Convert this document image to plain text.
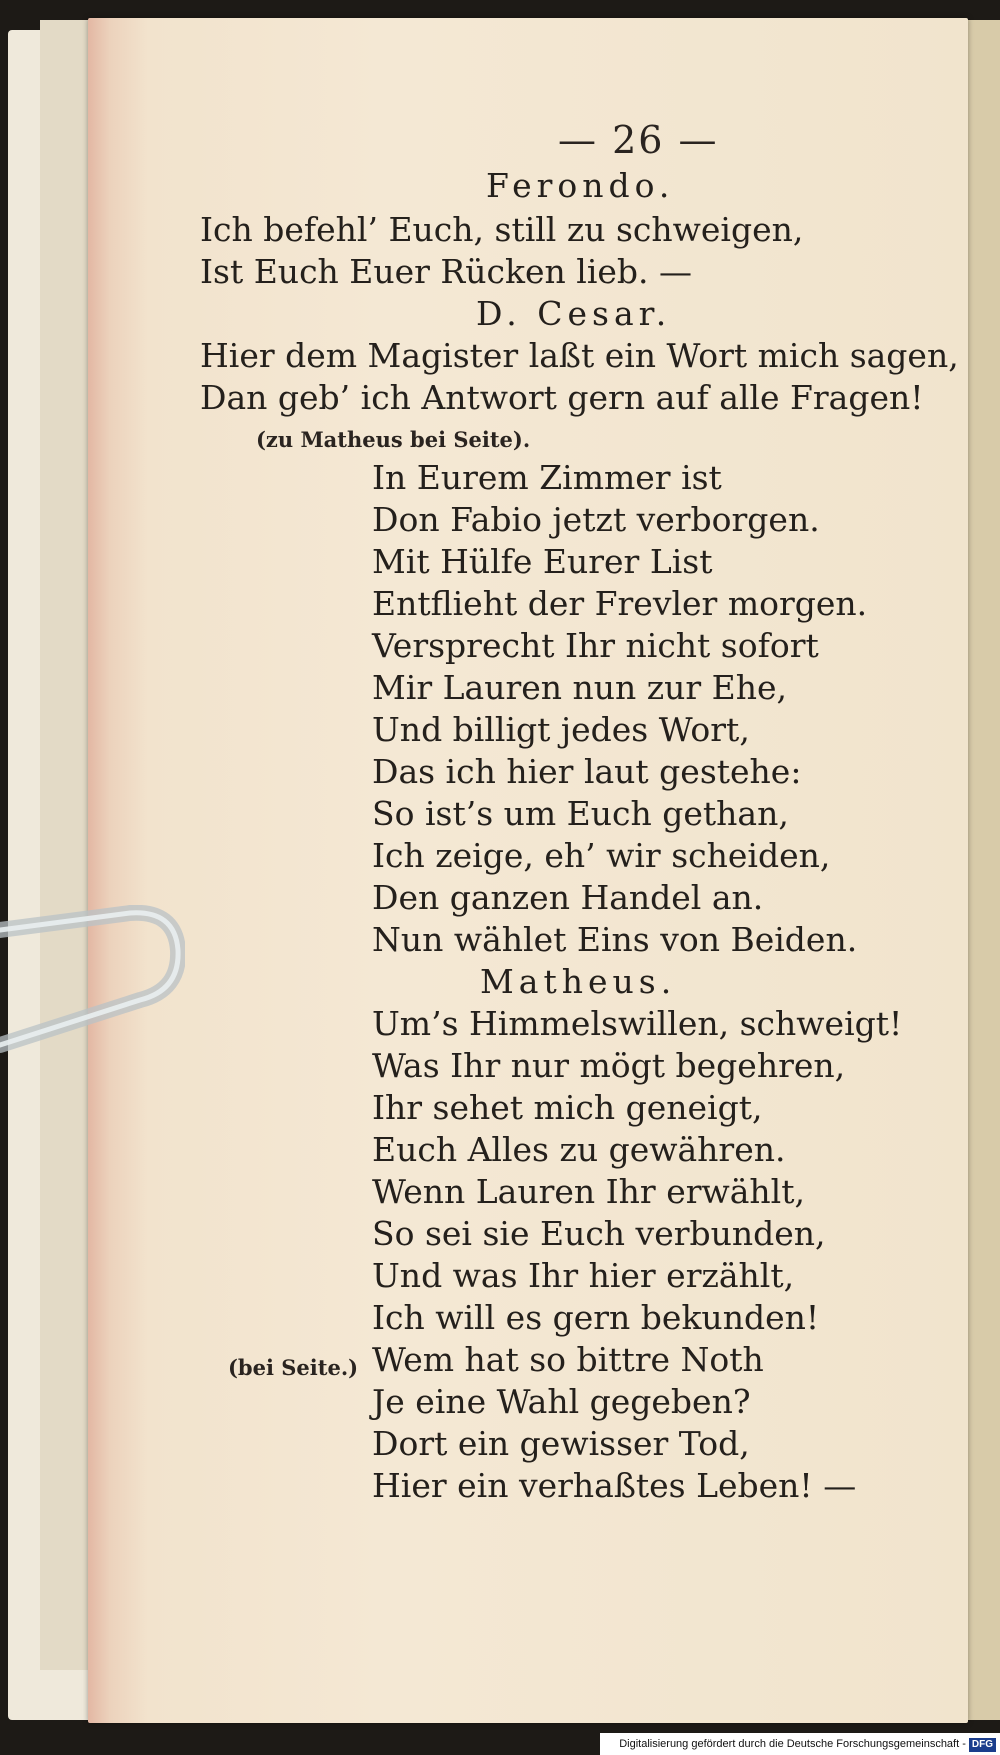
— 26 —
Ferondo.
Ich befehl’ Euch, still zu schweigen,
Ist Euch Euer Rücken lieb. —
D. Cesar.
Hier dem Magister laßt ein Wort mich sagen,
Dan geb’ ich Antwort gern auf alle Fragen!
(zu Matheus bei Seite).
In Eurem Zimmer ist
Don Fabio jetzt verborgen.
Mit Hülfe Eurer List
Entflieht der Frevler morgen.
Versprecht Ihr nicht sofort
Mir Lauren nun zur Ehe,
Und billigt jedes Wort,
Das ich hier laut gestehe:
So ist’s um Euch gethan,
Ich zeige, eh’ wir scheiden,
Den ganzen Handel an.
Nun wählet Eins von Beiden.
Matheus.
Um’s Himmelswillen, schweigt!
Was Ihr nur mögt begehren,
Ihr sehet mich geneigt,
Euch Alles zu gewähren.
Wenn Lauren Ihr erwählt,
So sei sie Euch verbunden,
Und was Ihr hier erzählt,
Ich will es gern bekunden!
(bei Seite.) Wem hat so bittre Noth
Je eine Wahl gegeben?
Dort ein gewisser Tod,
Hier ein verhaßtes Leben! —
Digitalisierung gefördert durch die Deutsche Forschungsgemeinschaft - DFG
